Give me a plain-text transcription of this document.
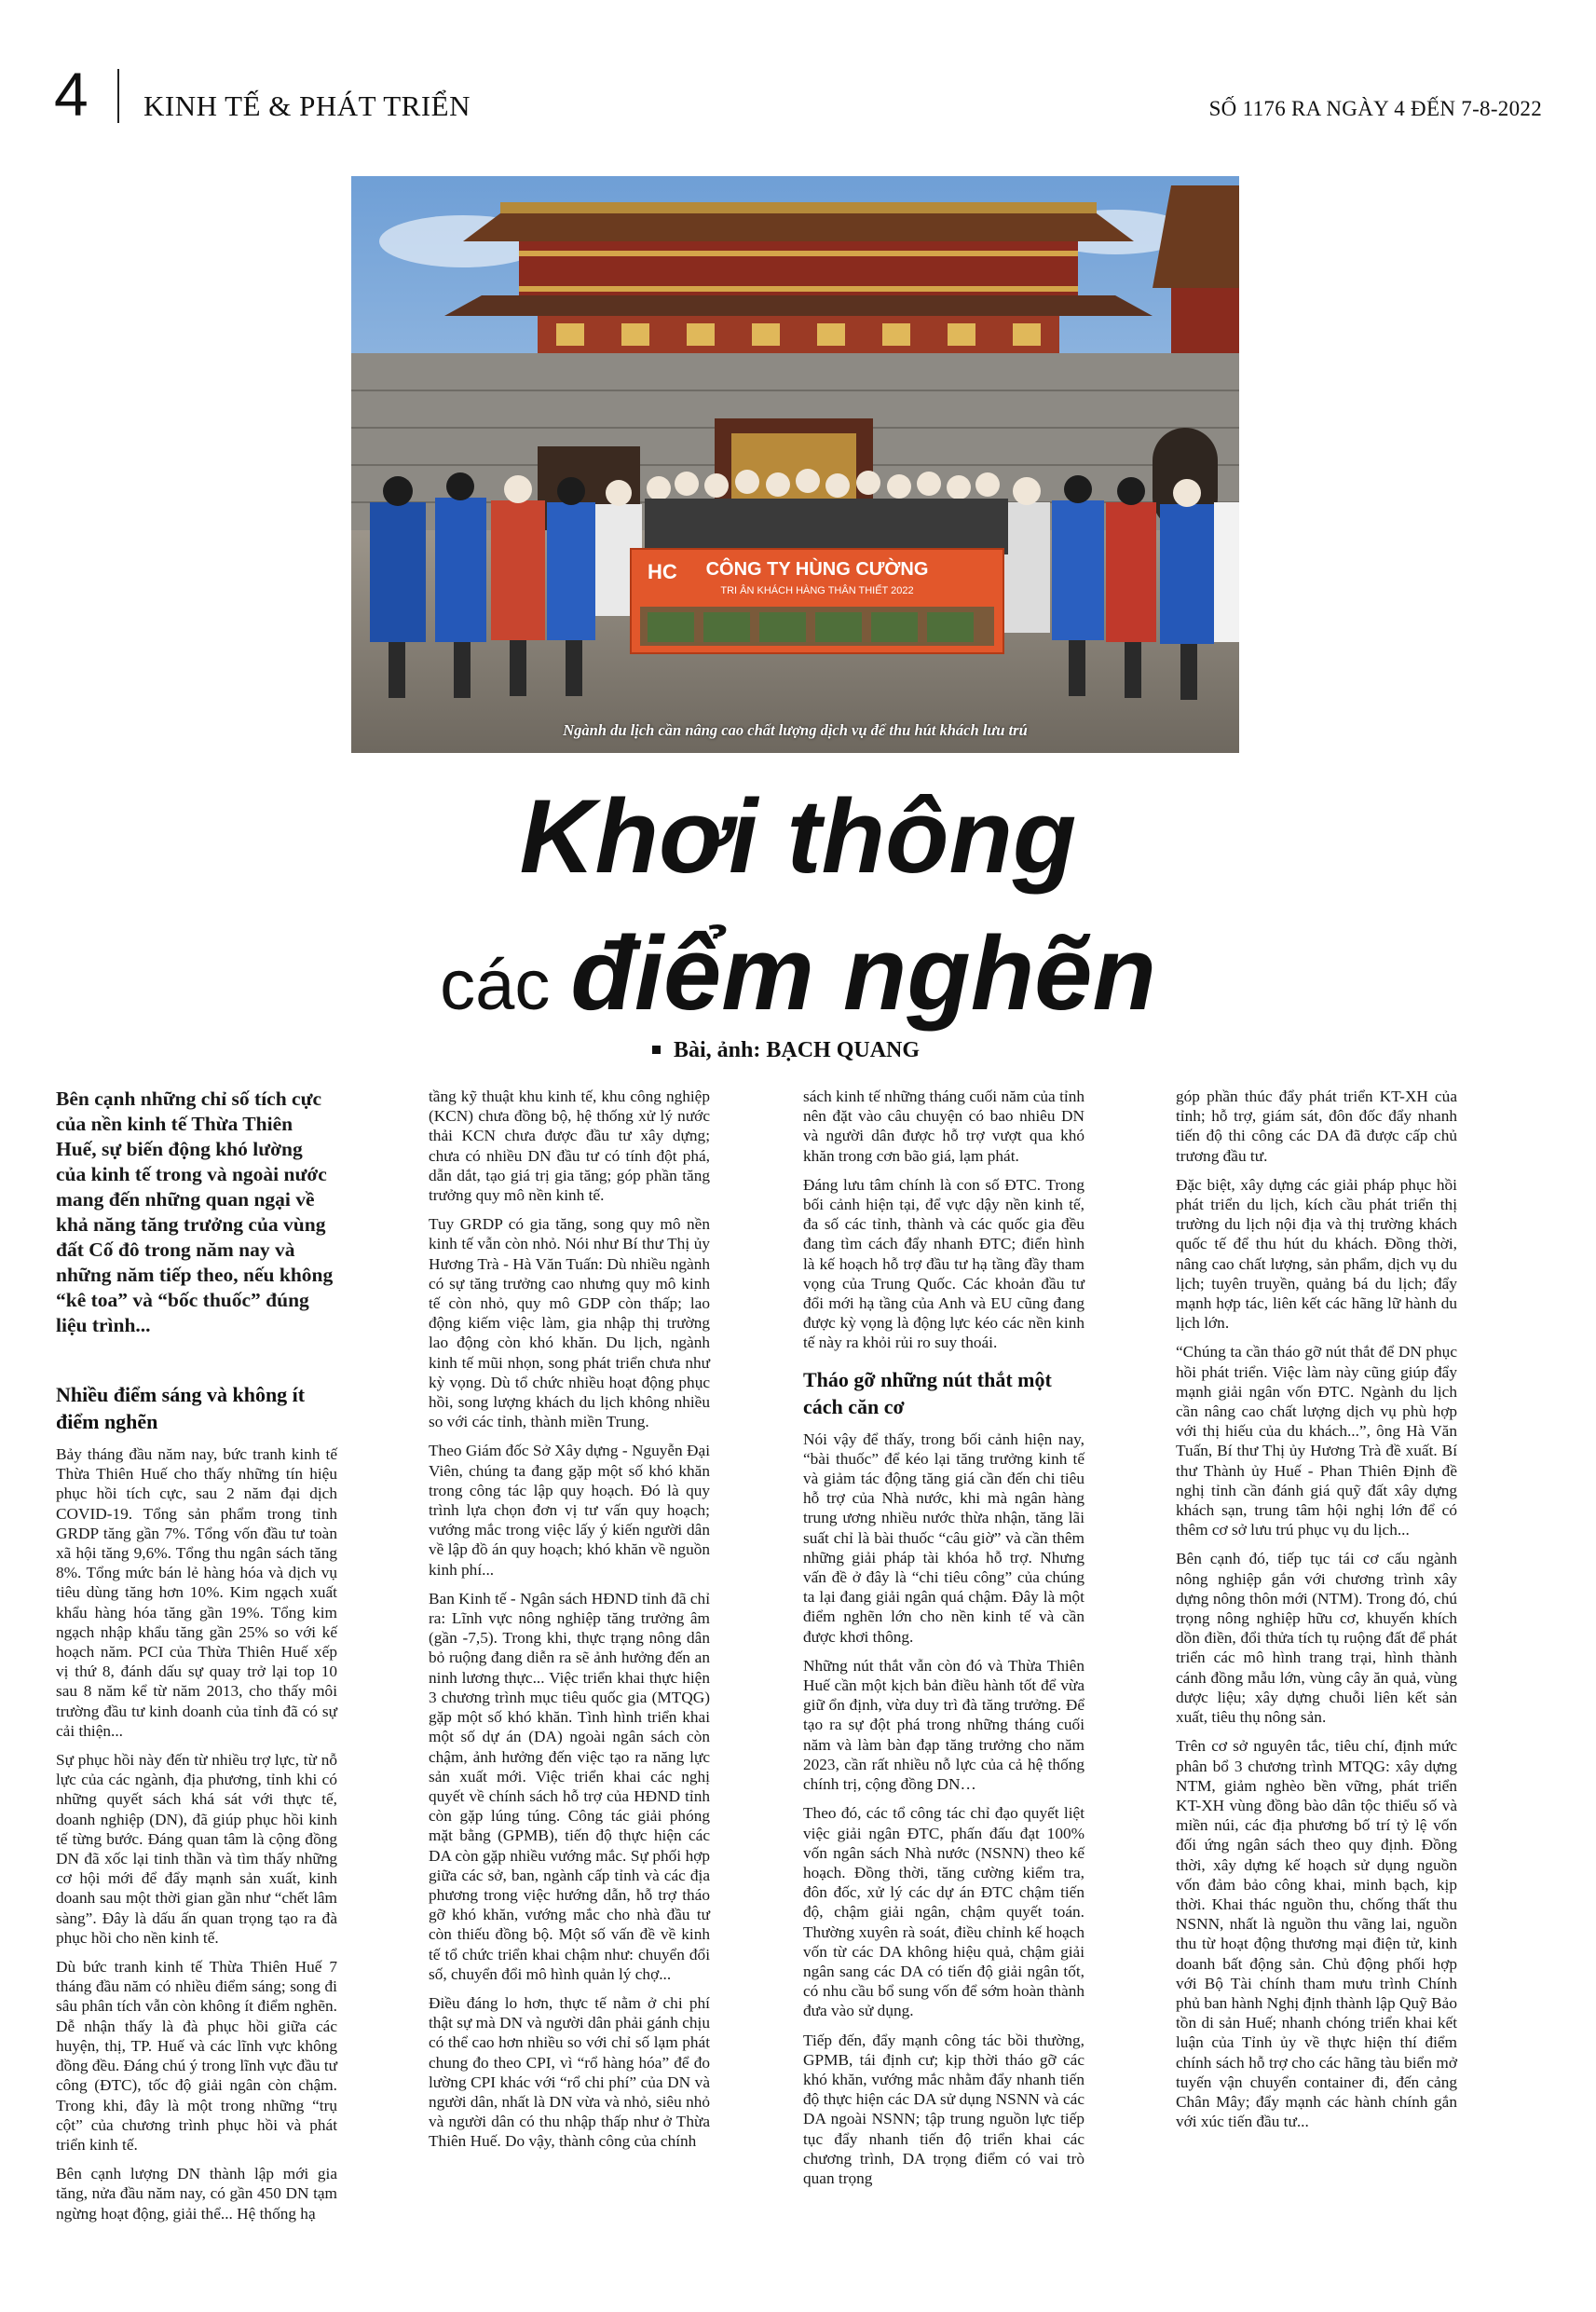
4 KINH TẾ & PHÁT TRIỂN	SỐ 1176 RA NGÀY 4 ĐẾN 7-8-2022
HC CÔNG TY HÙNG CƯỜNG
TRI ÂN KHÁCH HÀNG THÂN THIẾT 2022
Ngành du lịch cần nâng cao chất lượng dịch vụ để thu hút khách lưu trú
Khơi thông
các điểm nghẽn
Bài, ảnh: BẠCH QUANG

Bên cạnh những chỉ số tích cực của nền kinh tế Thừa Thiên Huế, sự biến động khó lường của kinh tế trong và ngoài nước mang đến những quan ngại về khả năng tăng trưởng của vùng đất Cố đô trong năm nay và những năm tiếp theo, nếu không “kê toa” và “bốc thuốc” đúng liệu trình...

Nhiều điểm sáng và không ít điểm nghẽn

Bảy tháng đầu năm nay, bức tranh kinh tế Thừa Thiên Huế cho thấy những tín hiệu phục hồi tích cực, sau 2 năm đại dịch COVID-19. Tổng sản phẩm trong tỉnh GRDP tăng gần 7%. Tổng vốn đầu tư toàn xã hội tăng 9,6%. Tổng thu ngân sách tăng 8%. Tổng mức bán lẻ hàng hóa và dịch vụ tiêu dùng tăng hơn 10%. Kim ngạch xuất khẩu hàng hóa tăng gần 19%. Tổng kim ngạch nhập khẩu tăng gần 25% so với kế hoạch năm. PCI của Thừa Thiên Huế xếp vị thứ 8, đánh dấu sự quay trở lại top 10 sau 8 năm kể từ năm 2013, cho thấy môi trường đầu tư kinh doanh của tỉnh đã có sự cải thiện...

Sự phục hồi này đến từ nhiều trợ lực, từ nỗ lực của các ngành, địa phương, tỉnh khi có những quyết sách khá sát với thực tế, doanh nghiệp (DN), đã giúp phục hồi kinh tế từng bước. Đáng quan tâm là cộng đồng DN đã xốc lại tinh thần và tìm thấy những cơ hội mới để đẩy mạnh sản xuất, kinh doanh sau một thời gian gần như “chết lâm sàng”. Đây là dấu ấn quan trọng tạo ra đà phục hồi cho nền kinh tế.

Dù bức tranh kinh tế Thừa Thiên Huế 7 tháng đầu năm có nhiều điểm sáng; song đi sâu phân tích vẫn còn không ít điểm nghẽn. Dễ nhận thấy là đà phục hồi giữa các huyện, thị, TP. Huế và các lĩnh vực không đồng đều. Đáng chú ý trong lĩnh vực đầu tư công (ĐTC), tốc độ giải ngân còn chậm. Trong khi, đây là một trong những “trụ cột” của chương trình phục hồi và phát triển kinh tế.

Bên cạnh lượng DN thành lập mới gia tăng, nửa đầu năm nay, có gần 450 DN tạm ngừng hoạt động, giải thể... Hệ thống hạ

tầng kỹ thuật khu kinh tế, khu công nghiệp (KCN) chưa đồng bộ, hệ thống xử lý nước thải KCN chưa được đầu tư xây dựng; chưa có nhiều DN đầu tư có tính đột phá, dẫn dắt, tạo giá trị gia tăng; góp phần tăng trưởng quy mô nền kinh tế.

Tuy GRDP có gia tăng, song quy mô nền kinh tế vẫn còn nhỏ. Nói như Bí thư Thị ủy Hương Trà - Hà Văn Tuấn: Dù nhiều ngành có sự tăng trưởng cao nhưng quy mô kinh tế còn nhỏ, quy mô GDP còn thấp; lao động kiếm việc làm, gia nhập thị trường lao động còn khó khăn. Du lịch, ngành kinh tế mũi nhọn, song phát triển chưa như kỳ vọng. Dù tổ chức nhiều hoạt động phục hồi, song lượng khách du lịch không nhiều so với các tỉnh, thành miền Trung.

Theo Giám đốc Sở Xây dựng - Nguyễn Đại Viên, chúng ta đang gặp một số khó khăn trong công tác lập quy hoạch. Đó là quy trình lựa chọn đơn vị tư vấn quy hoạch; vướng mắc trong việc lấy ý kiến người dân về lập đồ án quy hoạch; khó khăn về nguồn kinh phí...

Ban Kinh tế - Ngân sách HĐND tỉnh đã chỉ ra: Lĩnh vực nông nghiệp tăng trưởng âm (gần -7,5). Trong khi, thực trạng nông dân bỏ ruộng đang diễn ra sẽ ảnh hưởng đến an ninh lương thực... Việc triển khai thực hiện 3 chương trình mục tiêu quốc gia (MTQG) gặp một số khó khăn. Tình hình triển khai một số dự án (DA) ngoài ngân sách còn chậm, ảnh hưởng đến việc tạo ra năng lực sản xuất mới. Việc triển khai các nghị quyết về chính sách hỗ trợ của HĐND tỉnh còn gặp lúng túng. Công tác giải phóng mặt bằng (GPMB), tiến độ thực hiện các DA còn gặp nhiều vướng mắc. Sự phối hợp giữa các sở, ban, ngành cấp tỉnh và các địa phương trong việc hướng dẫn, hỗ trợ tháo gỡ khó khăn, vướng mắc cho nhà đầu tư còn thiếu đồng bộ. Một số vấn đề về kinh tế tổ chức triển khai chậm như: chuyển đổi số, chuyển đổi mô hình quản lý chợ...

Điều đáng lo hơn, thực tế nằm ở chi phí thật sự mà DN và người dân phải gánh chịu có thể cao hơn nhiều so với chỉ số lạm phát chung đo theo CPI, vì “rổ hàng hóa” để đo lường CPI khác với “rổ chi phí” của DN và người dân, nhất là DN vừa và nhỏ, siêu nhỏ và người dân có thu nhập thấp như ở Thừa Thiên Huế. Do vậy, thành công của chính

sách kinh tế những tháng cuối năm của tỉnh nên đặt vào câu chuyện có bao nhiêu DN và người dân được hỗ trợ vượt qua khó khăn trong cơn bão giá, lạm phát.

Đáng lưu tâm chính là con số ĐTC. Trong bối cảnh hiện tại, để vực dậy nền kinh tế, đa số các tỉnh, thành và các quốc gia đều đang tìm cách đẩy nhanh ĐTC; điển hình là kế hoạch hỗ trợ đầu tư hạ tầng đầy tham vọng của Trung Quốc. Các khoản đầu tư đổi mới hạ tầng của Anh và EU cũng đang được kỳ vọng là động lực kéo các nền kinh tế này ra khỏi rủi ro suy thoái.

Tháo gỡ những nút thắt một cách căn cơ

Nói vậy để thấy, trong bối cảnh hiện nay, “bài thuốc” để kéo lại tăng trưởng kinh tế và giảm tác động tăng giá cần đến chi tiêu hỗ trợ của Nhà nước, khi mà ngân hàng trung ương nhiều nước thừa nhận, tăng lãi suất chỉ là bài thuốc “câu giờ” và cần thêm những giải pháp tài khóa hỗ trợ. Nhưng vấn đề ở đây là “chi tiêu công” của chúng ta lại đang giải ngân quá chậm. Đây là một điểm nghẽn lớn cho nền kinh tế và cần được khơi thông.

Những nút thắt vẫn còn đó và Thừa Thiên Huế cần một kịch bản điều hành tốt để vừa giữ ổn định, vừa duy trì đà tăng trưởng. Để tạo ra sự đột phá trong những tháng cuối năm và làm bàn đạp tăng trưởng cho năm 2023, cần rất nhiều nỗ lực của cả hệ thống chính trị, cộng đồng DN…

Theo đó, các tổ công tác chỉ đạo quyết liệt việc giải ngân ĐTC, phấn đấu đạt 100% vốn ngân sách Nhà nước (NSNN) theo kế hoạch. Đồng thời, tăng cường kiểm tra, đôn đốc, xử lý các dự án ĐTC chậm tiến độ, chậm giải ngân, chậm quyết toán. Thường xuyên rà soát, điều chỉnh kế hoạch vốn từ các DA không hiệu quả, chậm giải ngân sang các DA có tiến độ giải ngân tốt, có nhu cầu bổ sung vốn để sớm hoàn thành đưa vào sử dụng.

Tiếp đến, đẩy mạnh công tác bồi thường, GPMB, tái định cư; kịp thời tháo gỡ các khó khăn, vướng mắc nhằm đẩy nhanh tiến độ thực hiện các DA sử dụng NSNN và các DA ngoài NSNN; tập trung nguồn lực tiếp tục đẩy nhanh tiến độ triển khai các chương trình, DA trọng điểm có vai trò quan trọng

góp phần thúc đẩy phát triển KT-XH của tỉnh; hỗ trợ, giám sát, đôn đốc đẩy nhanh tiến độ thi công các DA đã được cấp chủ trương đầu tư.

Đặc biệt, xây dựng các giải pháp phục hồi phát triển du lịch, kích cầu phát triển thị trường du lịch nội địa và thị trường khách quốc tế để thu hút du khách. Đồng thời, nâng cao chất lượng, sản phẩm, dịch vụ du lịch; tuyên truyền, quảng bá du lịch; đẩy mạnh hợp tác, liên kết các hãng lữ hành du lịch lớn.

“Chúng ta cần tháo gỡ nút thắt để DN phục hồi phát triển. Việc làm này cũng giúp đẩy mạnh giải ngân vốn ĐTC. Ngành du lịch cần nâng cao chất lượng dịch vụ phù hợp với thị hiếu của du khách...”, ông Hà Văn Tuấn, Bí thư Thị ủy Hương Trà đề xuất. Bí thư Thành ủy Huế - Phan Thiên Định đề nghị tỉnh cần đánh giá quỹ đất xây dựng khách sạn, trung tâm hội nghị lớn để có thêm cơ sở lưu trú phục vụ du lịch...

Bên cạnh đó, tiếp tục tái cơ cấu ngành nông nghiệp gắn với chương trình xây dựng nông thôn mới (NTM). Trong đó, chú trọng nông nghiệp hữu cơ, khuyến khích dồn điền, đổi thửa tích tụ ruộng đất để phát triển các mô hình trang trại, hình thành cánh đồng mẫu lớn, vùng cây ăn quả, vùng dược liệu; xây dựng chuỗi liên kết sản xuất, tiêu thụ nông sản.

Trên cơ sở nguyên tắc, tiêu chí, định mức phân bổ 3 chương trình MTQG: xây dựng NTM, giảm nghèo bền vững, phát triển KT-XH vùng đồng bào dân tộc thiểu số và miền núi, các địa phương bố trí tỷ lệ vốn đối ứng ngân sách theo quy định. Đồng thời, xây dựng kế hoạch sử dụng nguồn vốn đảm bảo công khai, minh bạch, kịp thời. Khai thác nguồn thu, chống thất thu NSNN, nhất là nguồn thu vãng lai, nguồn thu từ hoạt động thương mại điện tử, kinh doanh bất động sản. Chủ động phối hợp với Bộ Tài chính tham mưu trình Chính phủ ban hành Nghị định thành lập Quỹ Bảo tồn di sản Huế; nhanh chóng triển khai kết luận của Tỉnh ủy về thực hiện thí điểm chính sách hỗ trợ cho các hãng tàu biển mở tuyến vận chuyển container đi, đến cảng Chân Mây; đẩy mạnh các hành chính gắn với xúc tiến đầu tư...
